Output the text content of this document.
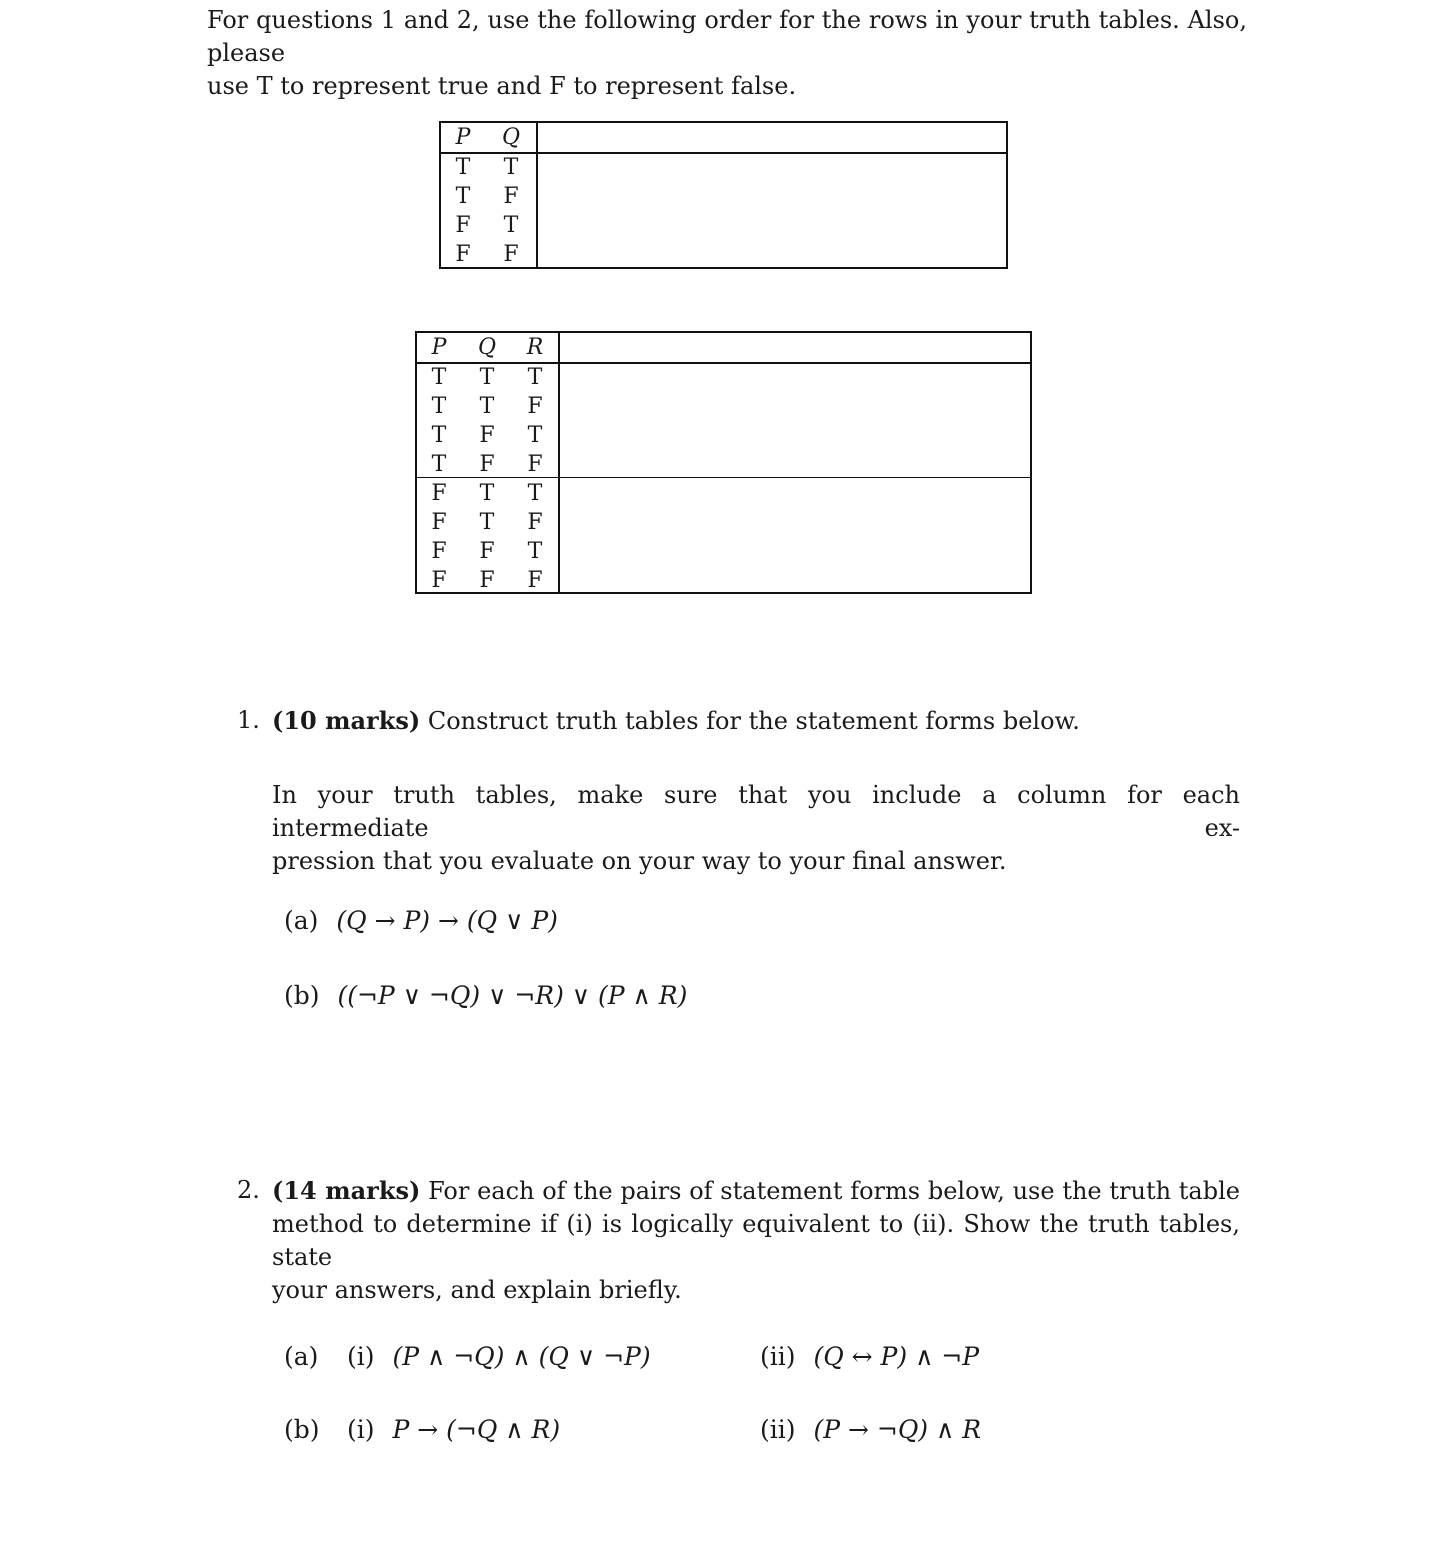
For questions 1 and 2, use the following order for the rows in your truth tables. Also, please
use T to represent true and F to represent false.
P Q
T T
T F
F T
F F
P Q R
T T T
T T F
T F T
T F F
F T T
F T F
F F T
F F F
1. (10 marks) Construct truth tables for the statement forms below.
In your truth tables, make sure that you include a column for each intermediate ex-
pression that you evaluate on your way to your final answer.
(a) (Q → P) → (Q ∨ P)
(b) ((¬P ∨ ¬Q) ∨ ¬R) ∨ (P ∧ R)
2. (14 marks) For each of the pairs of statement forms below, use the truth table
method to determine if (i) is logically equivalent to (ii). Show the truth tables, state
your answers, and explain briefly.
(a) (i) (P ∧ ¬Q) ∧ (Q ∨ ¬P)	(ii) (Q ↔ P) ∧ ¬P
(b) (i) P → (¬Q ∧ R)	(ii) (P → ¬Q) ∧ R
